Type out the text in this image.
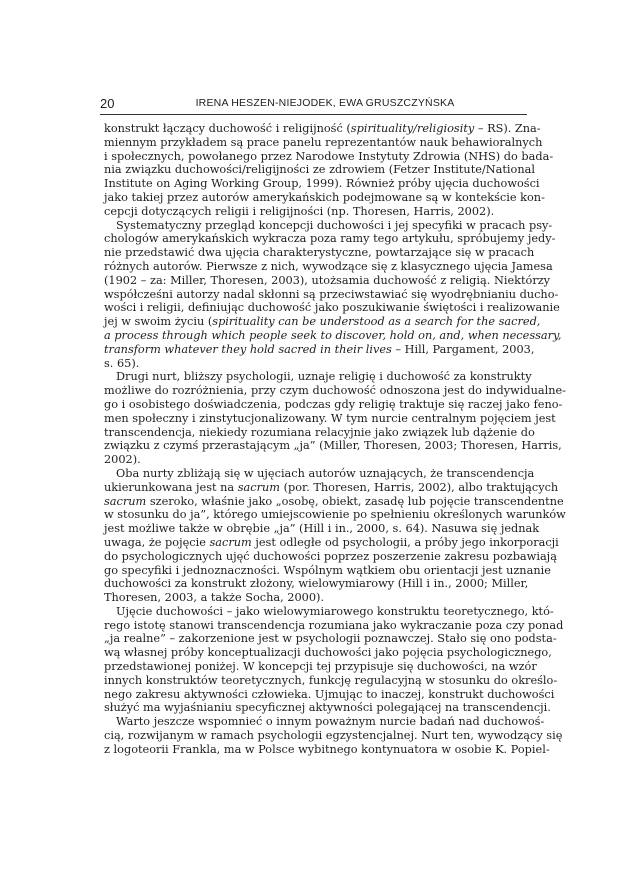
20	IRENA HESZEN-NIEJODEK, EWA GRUSZCZYŃSKA
konstrukt łączący duchowość i religijność (spirituality/religiosity – RS). Zna-
miennym przykładem są prace panelu reprezentantów nauk behawioralnych
i społecznych, powołanego przez Narodowe Instytuty Zdrowia (NHS) do bada-
nia związku duchowości/religijności ze zdrowiem (Fetzer Institute/National
Institute on Aging Working Group, 1999). Również próby ujęcia duchowości
jako takiej przez autorów amerykańskich podejmowane są w kontekście kon-
cepcji dotyczących religii i religijności (np. Thoresen, Harris, 2002).
Systematyczny przegląd koncepcji duchowości i jej specyfiki w pracach psy-
chologów amerykańskich wykracza poza ramy tego artykułu, spróbujemy jedy-
nie przedstawić dwa ujęcia charakterystyczne, powtarzające się w pracach
różnych autorów. Pierwsze z nich, wywodzące się z klasycznego ujęcia Jamesa
(1902 – za: Miller, Thoresen, 2003), utożsamia duchowość z religią. Niektórzy
współcześni autorzy nadal skłonni są przeciwstawiać się wyodrębnianiu ducho-
wości i religii, definiując duchowość jako poszukiwanie świętości i realizowanie
jej w swoim życiu (spirituality can be understood as a search for the sacred,
a process through which people seek to discover, hold on, and, when necessary,
transform whatever they hold sacred in their lives – Hill, Pargament, 2003,
s. 65).
Drugi nurt, bliższy psychologii, uznaje religię i duchowość za konstrukty
możliwe do rozróżnienia, przy czym duchowość odnoszona jest do indywidualne-
go i osobistego doświadczenia, podczas gdy religię traktuje się raczej jako feno-
men społeczny i zinstytucjonalizowany. W tym nurcie centralnym pojęciem jest
transcendencja, niekiedy rozumiana relacyjnie jako związek lub dążenie do
związku z czymś przerastającym „ja” (Miller, Thoresen, 2003; Thoresen, Harris,
2002).
Oba nurty zbliżają się w ujęciach autorów uznających, że transcendencja
ukierunkowana jest na sacrum (por. Thoresen, Harris, 2002), albo traktujących
sacrum szeroko, właśnie jako „osobę, obiekt, zasadę lub pojęcie transcendentne
w stosunku do ja”, którego umiejscowienie po spełnieniu określonych warunków
jest możliwe także w obrębie „ja” (Hill i in., 2000, s. 64). Nasuwa się jednak
uwaga, że pojęcie sacrum jest odległe od psychologii, a próby jego inkorporacji
do psychologicznych ujęć duchowości poprzez poszerzenie zakresu pozbawiają
go specyfiki i jednoznaczności. Wspólnym wątkiem obu orientacji jest uznanie
duchowości za konstrukt złożony, wielowymiarowy (Hill i in., 2000; Miller,
Thoresen, 2003, a także Socha, 2000).
Ujęcie duchowości – jako wielowymiarowego konstruktu teoretycznego, któ-
rego istotę stanowi transcendencja rozumiana jako wykraczanie poza czy ponad
„ja realne” – zakorzenione jest w psychologii poznawczej. Stało się ono podsta-
wą własnej próby konceptualizacji duchowości jako pojęcia psychologicznego,
przedstawionej poniżej. W koncepcji tej przypisuje się duchowości, na wzór
innych konstruktów teoretycznych, funkcję regulacyjną w stosunku do określo-
nego zakresu aktywności człowieka. Ujmując to inaczej, konstrukt duchowości
służyć ma wyjaśnianiu specyficznej aktywności polegającej na transcendencji.
Warto jeszcze wspomnieć o innym poważnym nurcie badań nad duchowoś-
cią, rozwijanym w ramach psychologii egzystencjalnej. Nurt ten, wywodzący się
z logoteorii Frankla, ma w Polsce wybitnego kontynuatora w osobie K. Popiel-
